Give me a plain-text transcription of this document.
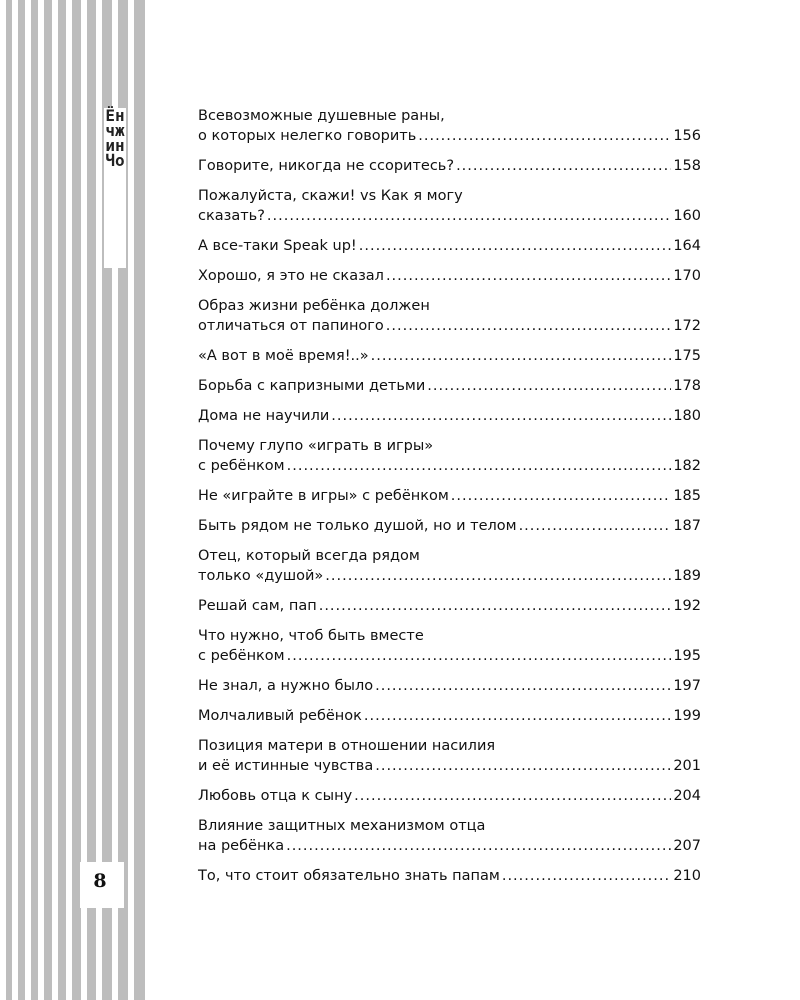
Ёнчжин Чо
8
Всевозможные душевные раны,
о которых нелегко говорить .....	156
Говорите, никогда не ссоритесь? .....	158
Пожалуйста, скажи! vs Как я могу
сказать? .....	160
А все-таки Speak up! .....	164
Хорошо, я это не сказал .....	170
Образ жизни ребёнка должен
отличаться от папиного .....	172
«А вот в моё время!..» .....	175
Борьба с капризными детьми .....	178
Дома не научили .....	180
Почему глупо «играть в игры»
с ребёнком .....	182
Не «играйте в игры» с ребёнком .....	185
Быть рядом не только душой, но и телом .....	187
Отец, который всегда рядом
только «душой» .....	189
Решай сам, пап .....	192
Что нужно, чтоб быть вместе
с ребёнком .....	195
Не знал, а нужно было .....	197
Молчаливый ребёнок .....	199
Позиция матери в отношении насилия
и её истинные чувства .....	201
Любовь отца к сыну .....	204
Влияние защитных механизмом отца
на ребёнка .....	207
То, что стоит обязательно знать папам .....	210
